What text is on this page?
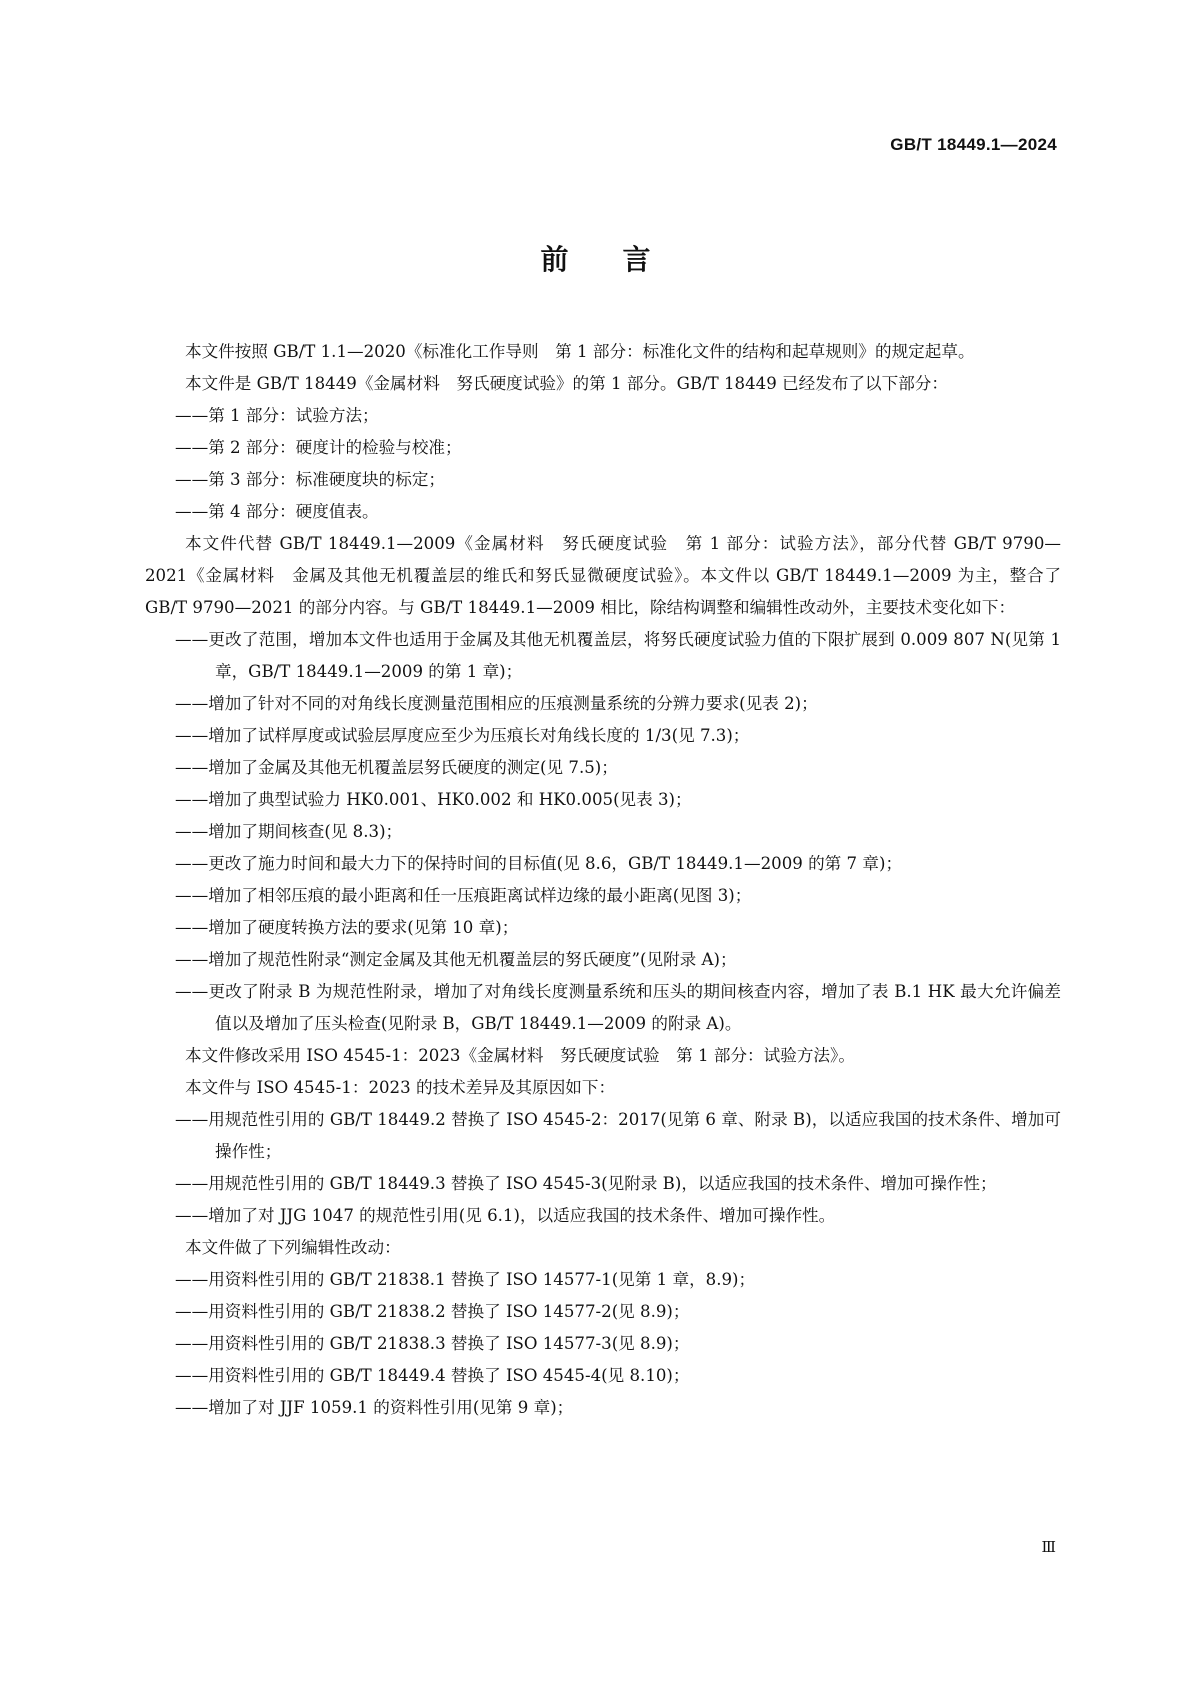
GB/T 18449.1—2024
前言

本文件按照 GB/T 1.1—2020《标准化工作导则　第 1 部分：标准化文件的结构和起草规则》的规定起草。

本文件是 GB/T 18449《金属材料　努氏硬度试验》的第 1 部分。GB/T 18449 已经发布了以下部分：

——第 1 部分：试验方法；

——第 2 部分：硬度计的检验与校准；

——第 3 部分：标准硬度块的标定；

——第 4 部分：硬度值表。

本文件代替 GB/T 18449.1—2009《金属材料　努氏硬度试验　第 1 部分：试验方法》，部分代替 GB/T 9790—2021《金属材料　金属及其他无机覆盖层的维氏和努氏显微硬度试验》。本文件以 GB/T 18449.1—2009 为主，整合了 GB/T 9790—2021 的部分内容。与 GB/T 18449.1—2009 相比，除结构调整和编辑性改动外，主要技术变化如下：

——更改了范围，增加本文件也适用于金属及其他无机覆盖层，将努氏硬度试验力值的下限扩展到 0.009 807 N(见第 1 章，GB/T 18449.1—2009 的第 1 章)；

——增加了针对不同的对角线长度测量范围相应的压痕测量系统的分辨力要求(见表 2)；

——增加了试样厚度或试验层厚度应至少为压痕长对角线长度的 1/3(见 7.3)；

——增加了金属及其他无机覆盖层努氏硬度的测定(见 7.5)；

——增加了典型试验力 HK0.001、HK0.002 和 HK0.005(见表 3)；

——增加了期间核查(见 8.3)；

——更改了施力时间和最大力下的保持时间的目标值(见 8.6，GB/T 18449.1—2009 的第 7 章)；

——增加了相邻压痕的最小距离和任一压痕距离试样边缘的最小距离(见图 3)；

——增加了硬度转换方法的要求(见第 10 章)；

——增加了规范性附录“测定金属及其他无机覆盖层的努氏硬度”(见附录 A)；

——更改了附录 B 为规范性附录，增加了对角线长度测量系统和压头的期间核查内容，增加了表 B.1 HK 最大允许偏差值以及增加了压头检查(见附录 B，GB/T 18449.1—2009 的附录 A)。

本文件修改采用 ISO 4545-1：2023《金属材料　努氏硬度试验　第 1 部分：试验方法》。

本文件与 ISO 4545-1：2023 的技术差异及其原因如下：

——用规范性引用的 GB/T 18449.2 替换了 ISO 4545-2：2017(见第 6 章、附录 B)，以适应我国的技术条件、增加可操作性；

——用规范性引用的 GB/T 18449.3 替换了 ISO 4545-3(见附录 B)，以适应我国的技术条件、增加可操作性；

——增加了对 JJG 1047 的规范性引用(见 6.1)，以适应我国的技术条件、增加可操作性。

本文件做了下列编辑性改动：

——用资料性引用的 GB/T 21838.1 替换了 ISO 14577-1(见第 1 章，8.9)；

——用资料性引用的 GB/T 21838.2 替换了 ISO 14577-2(见 8.9)；

——用资料性引用的 GB/T 21838.3 替换了 ISO 14577-3(见 8.9)；

——用资料性引用的 GB/T 18449.4 替换了 ISO 4545-4(见 8.10)；

——增加了对 JJF 1059.1 的资料性引用(见第 9 章)；

Ⅲ
